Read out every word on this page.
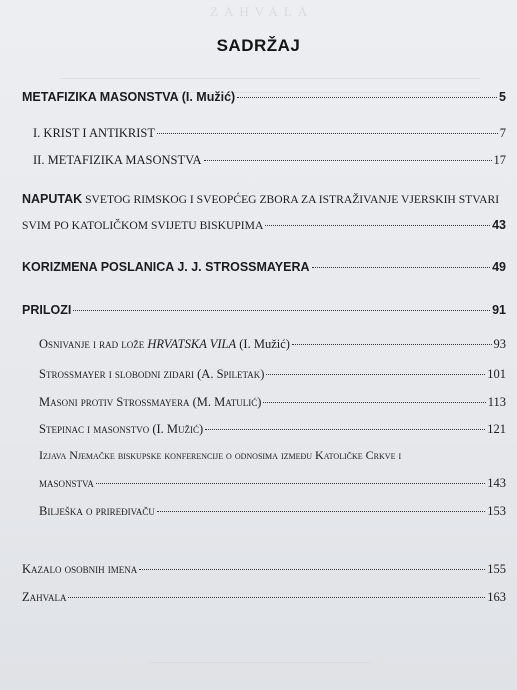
ZAHVALA
SADRŽAJ
METAFIZIKA MASONSTVA (I. Mužić)	5
I. KRIST I ANTIKRIST	7
II. METAFIZIKA MASONSTVA	17
NAPUTAK SVETOG RIMSKOG I SVEOPĆEG ZBORA ZA ISTRAŽIVANJE VJERSKIH STVARI
SVIM PO KATOLIČKOM SVIJETU BISKUPIMA	43
KORIZMENA POSLANICA J. J. STROSSMAYERA	49
PRILOZI	91
Osnivanje i rad lože HRVATSKA VILA (I. Mužić)	93
Strossmayer i slobodni zidari (A. Spiletak)	101
Masoni protiv Strossmayera (M. Matulić)	113
Stepinac i masonstvo (I. Mužić)	121
Izjava Njemačke biskupske konferencije o odnosima između Katoličke Crkve i
masonstva	143
Bilješka o priređivaču	153
Kazalo osobnih imena	155
Zahvala	163
